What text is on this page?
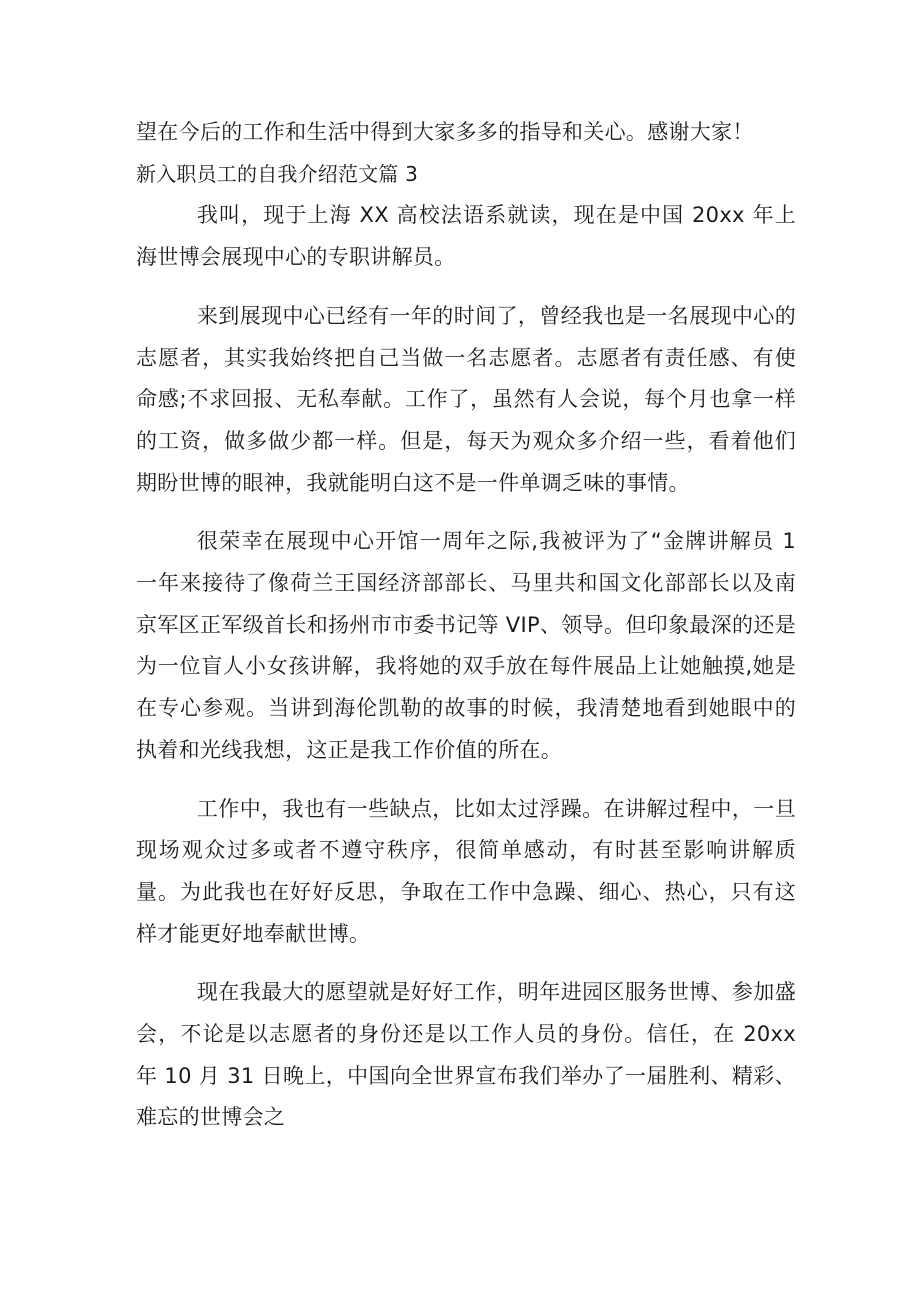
望在今后的工作和生活中得到大家多多的指导和关心。感谢大家！
新入职员工的自我介绍范文篇 3

我叫，现于上海 XX 高校法语系就读，现在是中国 20xx 年上海世博会展现中心的专职讲解员。

来到展现中心已经有一年的时间了，曾经我也是一名展现中心的志愿者，其实我始终把自己当做一名志愿者。志愿者有责任感、有使命感;不求回报、无私奉献。工作了，虽然有人会说，每个月也拿一样的工资，做多做少都一样。但是，每天为观众多介绍一些，看着他们期盼世博的眼神，我就能明白这不是一件单调乏味的事情。

很荣幸在展现中心开馆一周年之际,我被评为了“金牌讲解员 1 一年来接待了像荷兰王国经济部部长、马里共和国文化部部长以及南京军区正军级首长和扬州市市委书记等 VIP、领导。但印象最深的还是为一位盲人小女孩讲解，我将她的双手放在每件展品上让她触摸,她是在专心参观。当讲到海伦凯勒的故事的时候，我清楚地看到她眼中的执着和光线我想，这正是我工作价值的所在。

工作中，我也有一些缺点，比如太过浮躁。在讲解过程中，一旦现场观众过多或者不遵守秩序，很简单感动，有时甚至影响讲解质量。为此我也在好好反思，争取在工作中急躁、细心、热心，只有这样才能更好地奉献世博。

现在我最大的愿望就是好好工作，明年进园区服务世博、参加盛会，不论是以志愿者的身份还是以工作人员的身份。信任，在 20xx 年 10 月 31 日晚上，中国向全世界宣布我们举办了一届胜利、精彩、难忘的世博会之
